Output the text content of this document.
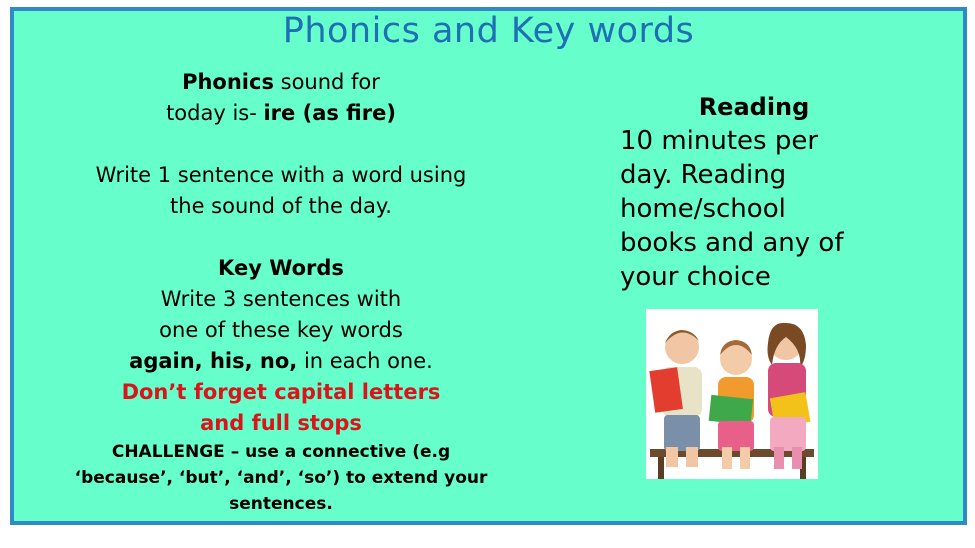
Phonics and Key words
Phonics sound for
today is- ire (as fire)
Write 1 sentence with a word using
the sound of the day.
Key Words
Write 3 sentences with
one of these key words
again, his, no, in each one.
Don’t forget capital letters
and full stops
CHALLENGE – use a connective (e.g
‘because’, ‘but’, ‘and’, ‘so’) to extend your
sentences.
Reading
10 minutes per
day. Reading
home/school
books and any of
your choice
